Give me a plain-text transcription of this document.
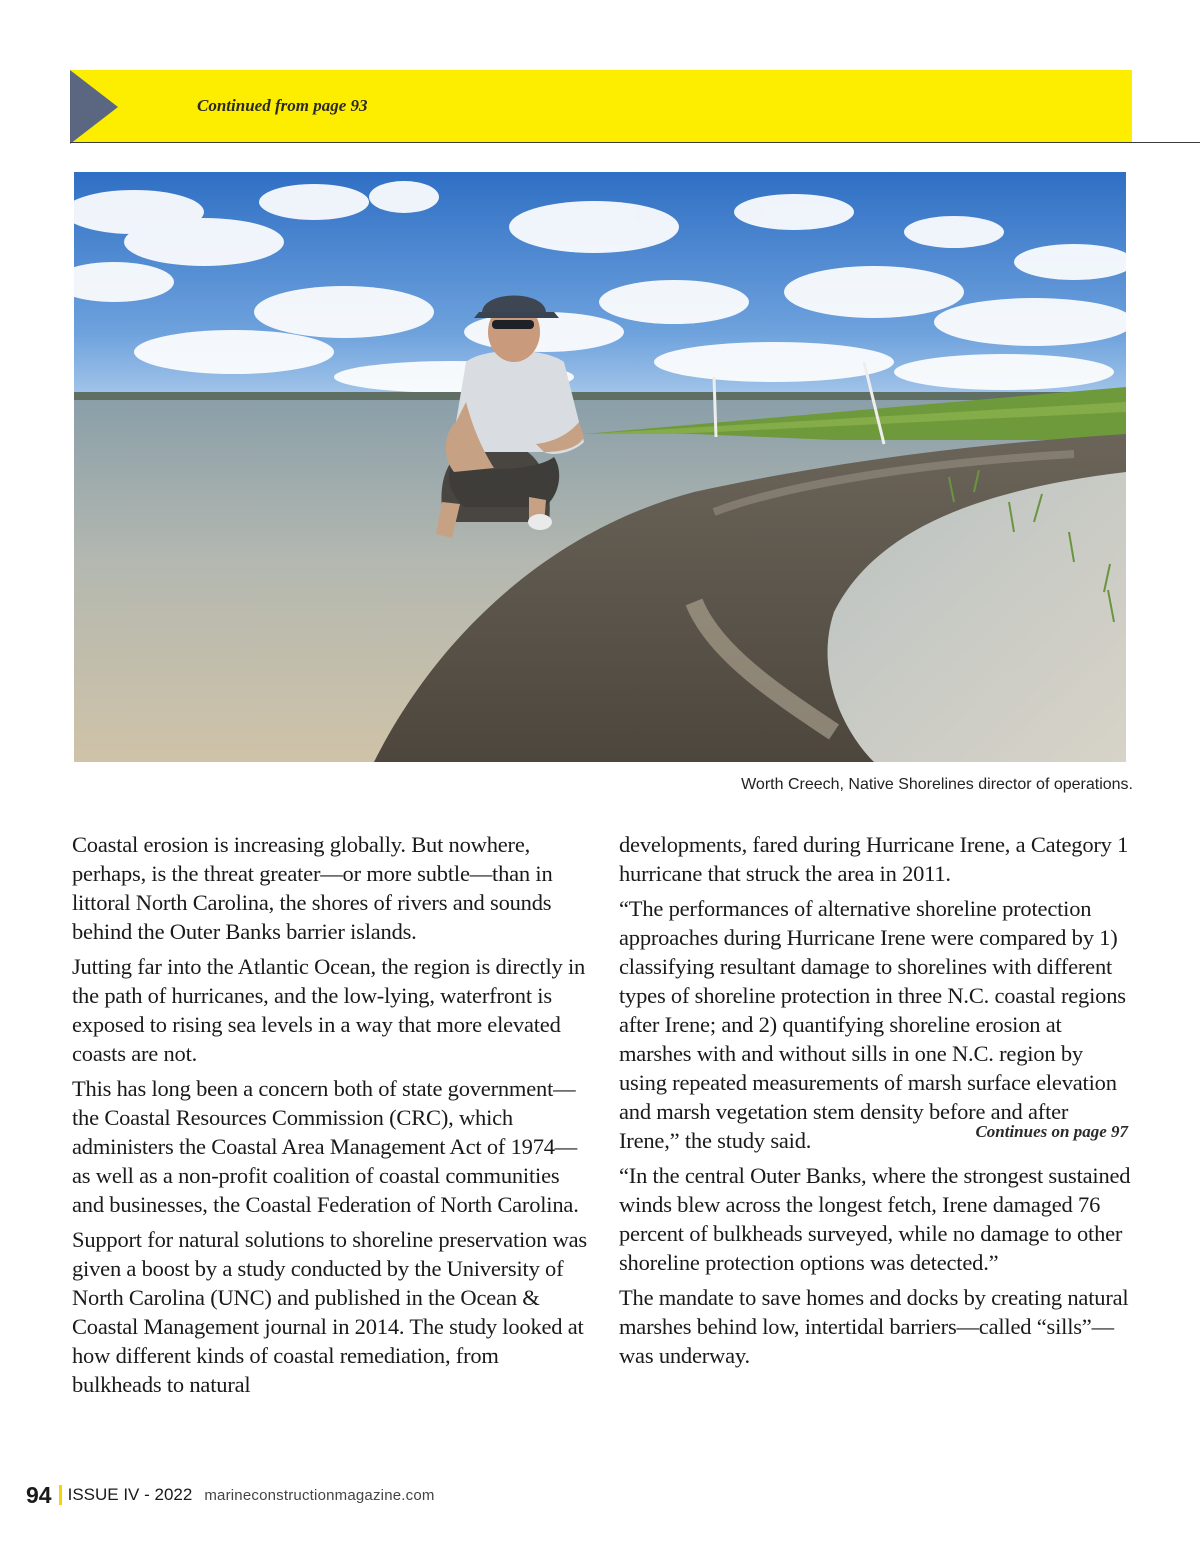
Continued from page 93
Worth Creech, Native Shorelines director of operations.

Coastal erosion is increasing globally. But nowhere, perhaps, is the threat greater—or more subtle—than in littoral North Carolina, the shores of rivers and sounds behind the Outer Banks barrier islands.

Jutting far into the Atlantic Ocean, the region is directly in the path of hurricanes, and the low-lying, waterfront is exposed to rising sea levels in a way that more elevated coasts are not.

This has long been a concern both of state government—the Coastal Resources Commission (CRC), which administers the Coastal Area Management Act of 1974—as well as a non-profit coalition of coastal communities and businesses, the Coastal Federation of North Carolina.

Support for natural solutions to shoreline preservation was given a boost by a study conducted by the University of North Carolina (UNC) and published in the Ocean & Coastal Management journal in 2014. The study looked at how different kinds of coastal remediation, from bulkheads to natural

developments, fared during Hurricane Irene, a Category 1 hurricane that struck the area in 2011.

“The performances of alternative shoreline protection approaches during Hurricane Irene were compared by 1) classifying resultant damage to shorelines with different types of shoreline protection in three N.C. coastal regions after Irene; and 2) quantifying shoreline erosion at marshes with and without sills in one N.C. region by using repeated measurements of marsh surface elevation and marsh vegetation stem density before and after Irene,” the study said.

“In the central Outer Banks, where the strongest sustained winds blew across the longest fetch, Irene damaged 76 percent of bulkheads surveyed, while no damage to other shoreline protection options was detected.”

The mandate to save homes and docks by creating natural marshes behind low, intertidal barriers—called “sills”—was underway.

Continues on page 97
94 ISSUE IV - 2022 marineconstructionmagazine.com
